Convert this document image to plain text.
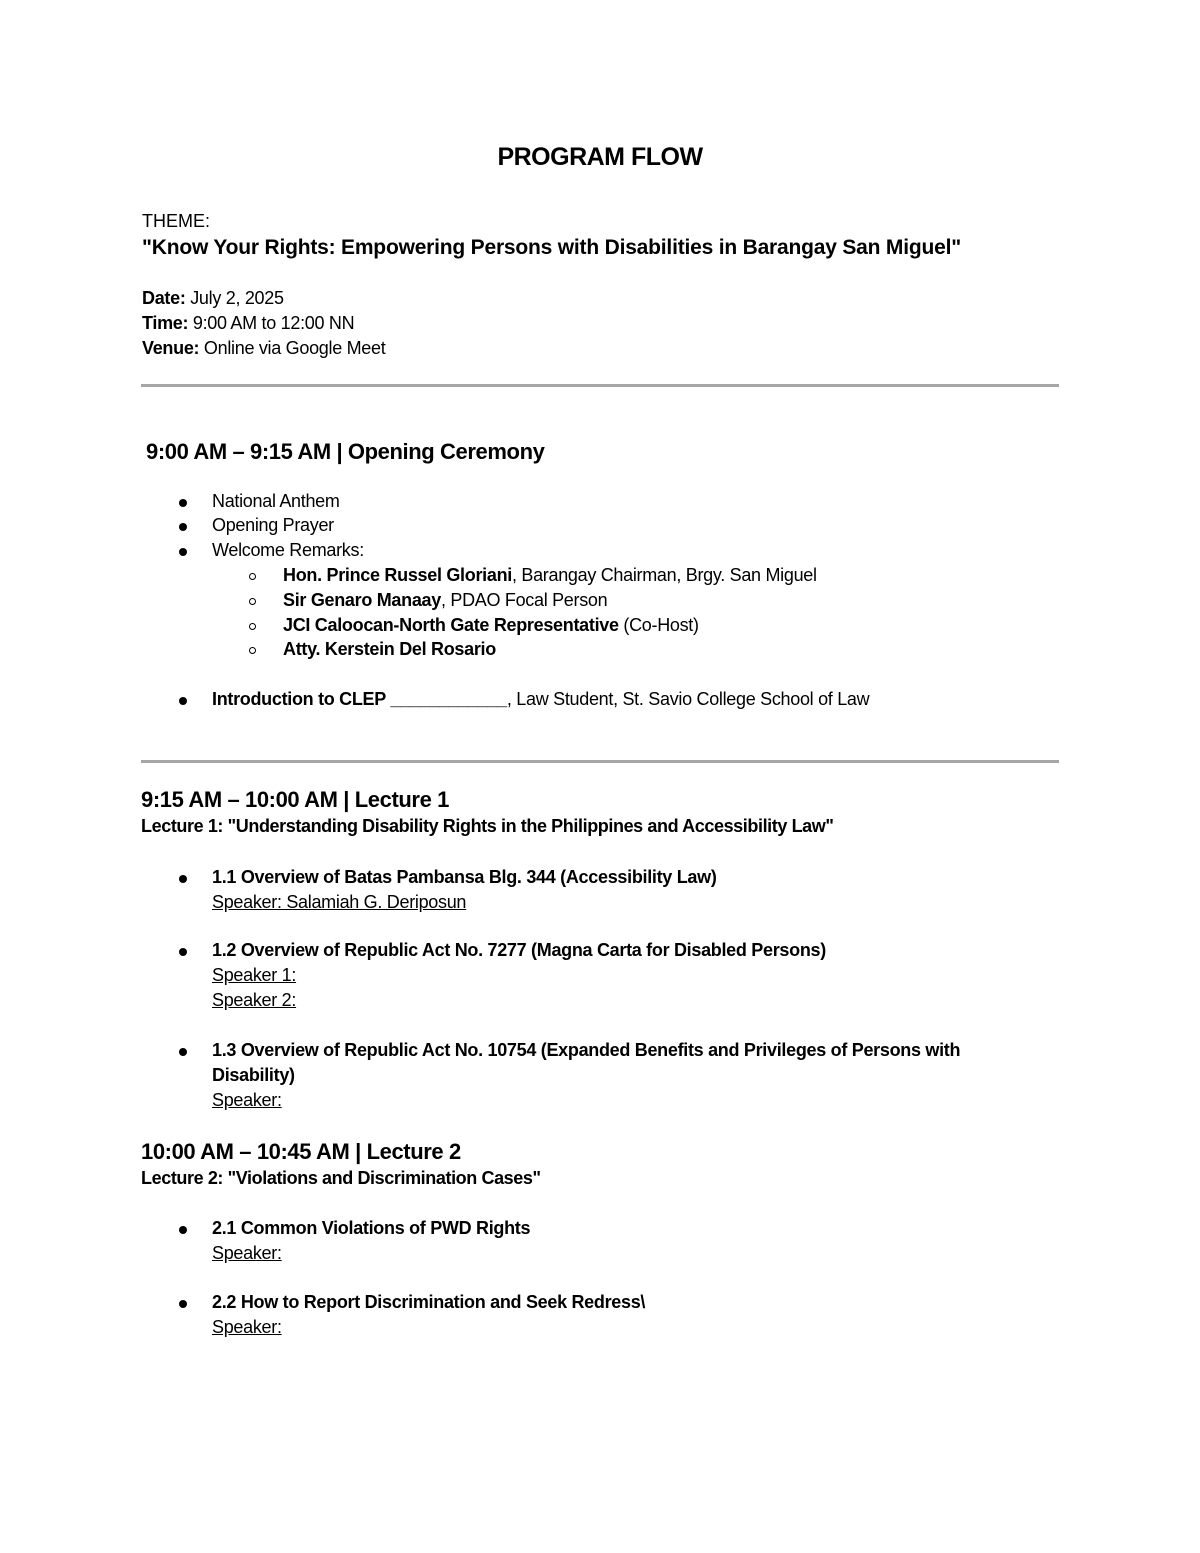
PROGRAM FLOW
THEME:
"Know Your Rights: Empowering Persons with Disabilities in Barangay San Miguel"
Date: July 2, 2025
Time: 9:00 AM to 12:00 NN
Venue: Online via Google Meet
9:00 AM – 9:15 AM | Opening Ceremony
National Anthem
Opening Prayer
Welcome Remarks:
Hon. Prince Russel Gloriani, Barangay Chairman, Brgy. San Miguel
Sir Genaro Manaay, PDAO Focal Person
JCI Caloocan-North Gate Representative (Co-Host)
Atty. Kerstein Del Rosario
Introduction to CLEP ____________, Law Student, St. Savio College School of Law
9:15 AM – 10:00 AM | Lecture 1
Lecture 1: "Understanding Disability Rights in the Philippines and Accessibility Law"
1.1 Overview of Batas Pambansa Blg. 344 (Accessibility Law)
Speaker: Salamiah G. Deriposun
1.2 Overview of Republic Act No. 7277 (Magna Carta for Disabled Persons)
Speaker 1:
Speaker 2:
1.3 Overview of Republic Act No. 10754 (Expanded Benefits and Privileges of Persons with
Disability)
Speaker:
10:00 AM – 10:45 AM | Lecture 2
Lecture 2: "Violations and Discrimination Cases"
2.1 Common Violations of PWD Rights
Speaker:
2.2 How to Report Discrimination and Seek Redress\
Speaker:
